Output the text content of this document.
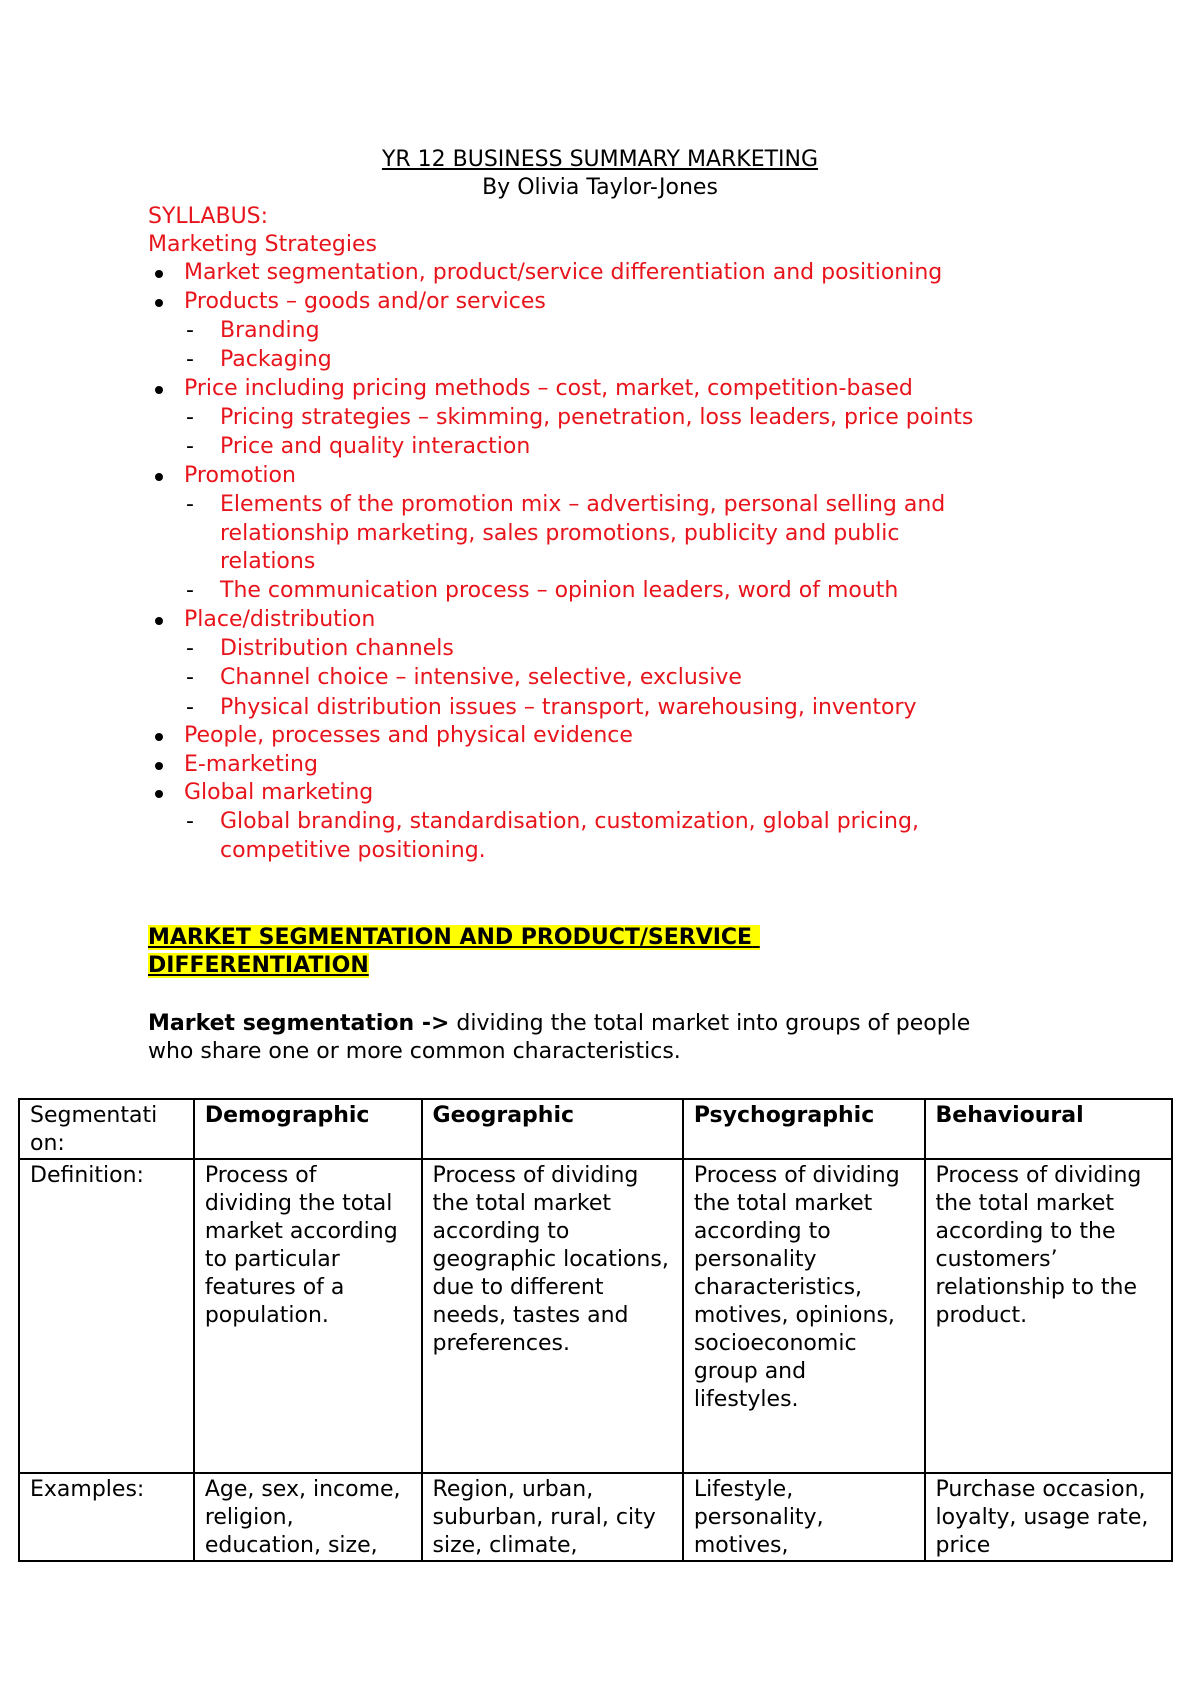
YR 12 BUSINESS SUMMARY MARKETING
By Olivia Taylor-Jones
SYLLABUS:
Marketing Strategies
Market segmentation, product/service differentiation and positioning
Products – goods and/or services
- Branding
- Packaging
Price including pricing methods – cost, market, competition-based
- Pricing strategies – skimming, penetration, loss leaders, price points
- Price and quality interaction
Promotion
- Elements of the promotion mix – advertising, personal selling and
relationship marketing, sales promotions, publicity and public
relations
- The communication process – opinion leaders, word of mouth
Place/distribution
- Distribution channels
- Channel choice – intensive, selective, exclusive
- Physical distribution issues – transport, warehousing, inventory
People, processes and physical evidence
E-marketing
Global marketing
- Global branding, standardisation, customization, global pricing,
competitive positioning.
MARKET SEGMENTATION AND PRODUCT/SERVICE
DIFFERENTIATION
Market segmentation -> dividing the total market into groups of people
who share one or more common characteristics.
Segmentati
on:	Demographic	Geographic	Psychographic	Behavioural
Definition:	Process of dividing the total market according to particular features of a population.	Process of dividing the total market according to geographic locations, due to different needs, tastes and preferences.	Process of dividing the total market according to personality characteristics, motives, opinions, socioeconomic group and lifestyles.	Process of dividing the total market according to the customers’ relationship to the product.

Examples:	Age, sex, income, religion, education, size,	Region, urban, suburban, rural, city size, climate,	Lifestyle, personality, motives,	Purchase occasion, loyalty, usage rate, price
